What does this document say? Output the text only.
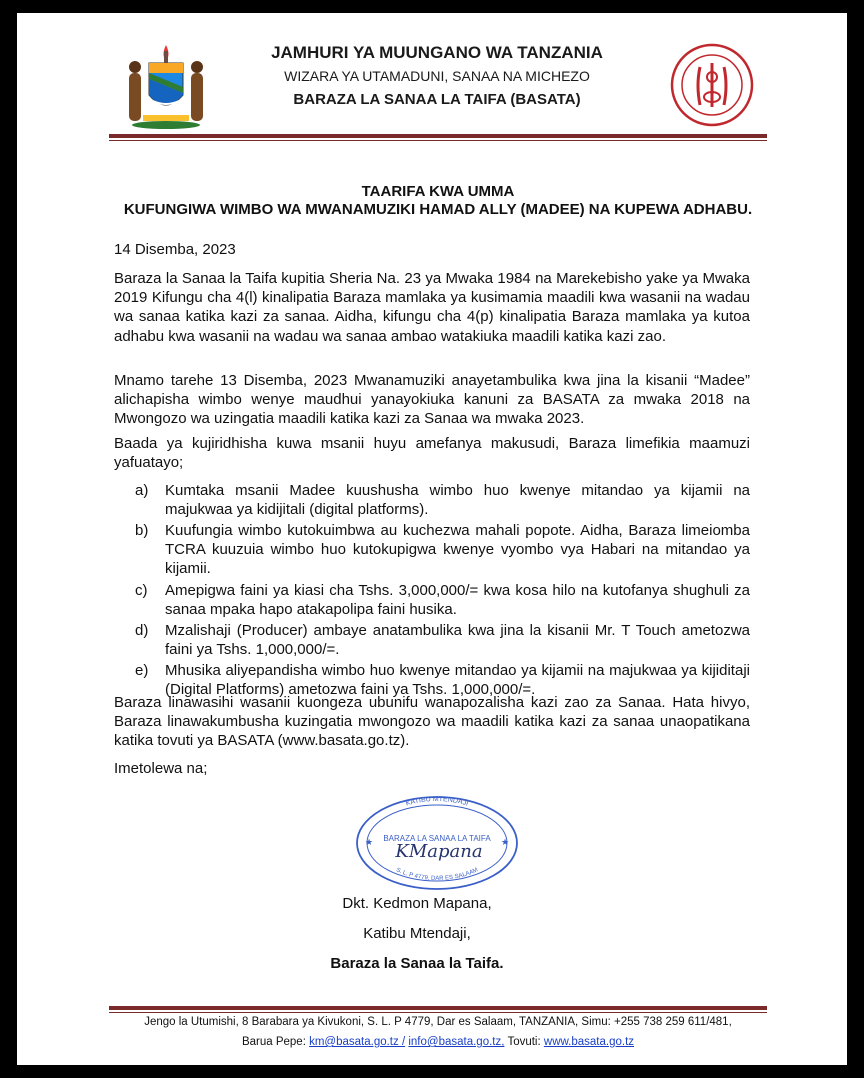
JAMHURI YA MUUNGANO WA TANZANIA
WIZARA YA UTAMADUNI, SANAA NA MICHEZO
BARAZA LA SANAA LA TAIFA (BASATA)
TAARIFA KWA UMMA
KUFUNGIWA WIMBO WA MWANAMUZIKI HAMAD ALLY (MADEE) NA KUPEWA ADHABU.
14 Disemba, 2023
Baraza la Sanaa la Taifa kupitia Sheria Na. 23 ya Mwaka 1984 na Marekebisho yake ya Mwaka 2019 Kifungu cha 4(l) kinalipatia Baraza mamlaka ya kusimamia maadili kwa wasanii na wadau wa sanaa katika kazi za sanaa. Aidha, kifungu cha 4(p) kinalipatia Baraza mamlaka ya kutoa adhabu kwa wasanii na wadau wa sanaa ambao watakiuka maadili katika kazi zao.
Mnamo tarehe 13 Disemba, 2023 Mwanamuziki anayetambulika kwa jina la kisanii “Madee” alichapisha wimbo wenye maudhui yanayokiuka kanuni za BASATA za mwaka 2018 na Mwongozo wa uzingatia maadili katika kazi za Sanaa wa mwaka 2023.
Baada ya kujiridhisha kuwa msanii huyu amefanya makusudi, Baraza limefikia maamuzi yafuatayo;
a)	Kumtaka msanii Madee kuushusha wimbo huo kwenye mitandao ya kijamii na majukwaa ya kidijitali (digital platforms).
b)	Kuufungia wimbo kutokuimbwa au kuchezwa mahali popote. Aidha, Baraza limeiomba TCRA kuuzuia wimbo huo kutokupigwa kwenye vyombo vya Habari na mitandao ya kijamii.
c)	Amepigwa faini ya kiasi cha Tshs. 3,000,000/= kwa kosa hilo na kutofanya shughuli za sanaa mpaka hapo atakapolipa faini husika.
d)	Mzalishaji (Producer) ambaye anatambulika kwa jina la kisanii Mr. T Touch ametozwa faini ya Tshs. 1,000,000/=.
e)	Mhusika aliyepandisha wimbo huo kwenye mitandao ya kijamii na majukwaa ya kijiditaji (Digital Platforms) ametozwa faini ya Tshs. 1,000,000/=.
Baraza linawasihi wasanii kuongeza ubunifu wanapozalisha kazi zao za Sanaa. Hata hivyo, Baraza linawakumbusha kuzingatia mwongozo wa maadili katika kazi za sanaa unaopatikana katika tovuti ya BASATA (www.basata.go.tz).
Imetolewa na;
KATIBU MTENDAJI
BARAZA LA SANAA LA TAIFA
S. L. P 4779, DAR ES SALAAM
★	★
KMapana
Dkt. Kedmon Mapana,
Katibu Mtendaji,
Baraza la Sanaa la Taifa.
Jengo la Utumishi, 8 Barabara ya Kivukoni, S. L. P 4779, Dar es Salaam, TANZANIA, Simu: +255 738 259 611/481,
Barua Pepe: km@basata.go.tz / info@basata.go.tz, Tovuti: www.basata.go.tz
